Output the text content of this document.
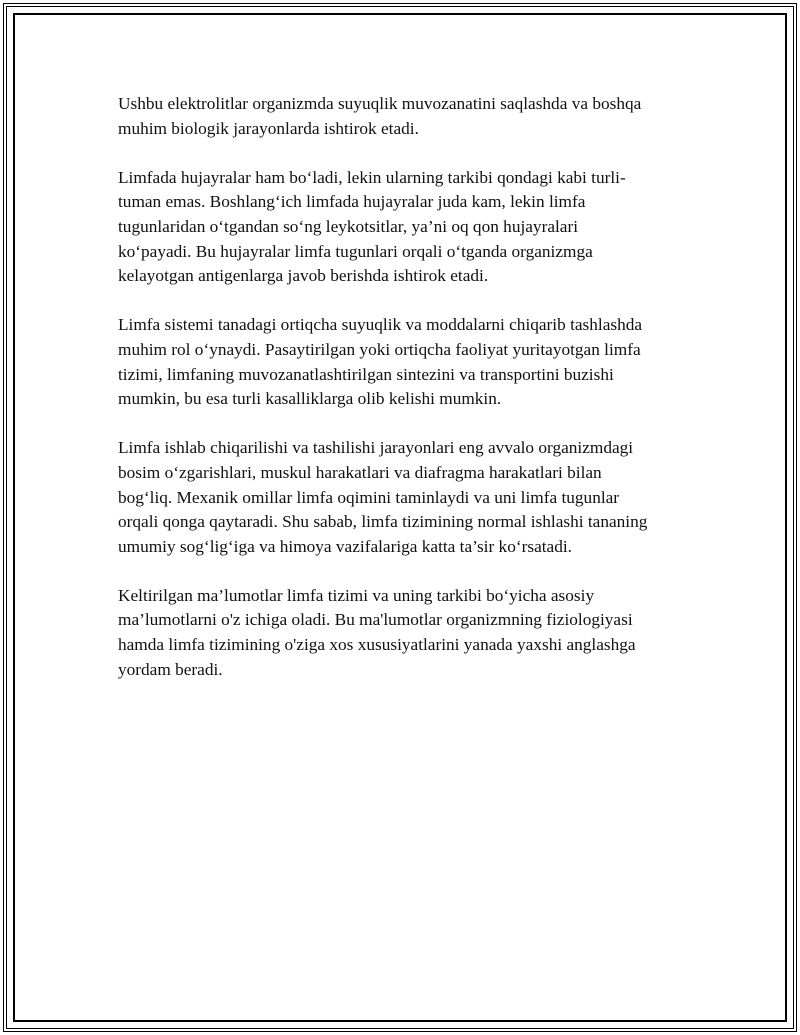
Ushbu elektrolitlar organizmda suyuqlik muvozanatini saqlashda va boshqa
muhim biologik jarayonlarda ishtirok etadi.

Limfada hujayralar ham bo‘ladi, lekin ularning tarkibi qondagi kabi turli-
tuman emas. Boshlang‘ich limfada hujayralar juda kam, lekin limfa
tugunlaridan o‘tgandan so‘ng leykotsitlar, ya’ni oq qon hujayralari
ko‘payadi. Bu hujayralar limfa tugunlari orqali o‘tganda organizmga
kelayotgan antigenlarga javob berishda ishtirok etadi.

Limfa sistemi tanadagi ortiqcha suyuqlik va moddalarni chiqarib tashlashda
muhim rol o‘ynaydi. Pasaytirilgan yoki ortiqcha faoliyat yuritayotgan limfa
tizimi, limfaning muvozanatlashtirilgan sintezini va transportini buzishi
mumkin, bu esa turli kasalliklarga olib kelishi mumkin.

Limfa ishlab chiqarilishi va tashilishi jarayonlari eng avvalo organizmdagi
bosim o‘zgarishlari, muskul harakatlari va diafragma harakatlari bilan
bog‘liq. Mexanik omillar limfa oqimini taminlaydi va uni limfa tugunlar
orqali qonga qaytaradi. Shu sabab, limfa tizimining normal ishlashi tananing
umumiy sog‘lig‘iga va himoya vazifalariga katta ta’sir ko‘rsatadi.

Keltirilgan ma’lumotlar limfa tizimi va uning tarkibi bo‘yicha asosiy
ma’lumotlarni o'z ichiga oladi. Bu ma'lumotlar organizmning fiziologiyasi
hamda limfa tizimining o'ziga xos xususiyatlarini yanada yaxshi anglashga
yordam beradi.
